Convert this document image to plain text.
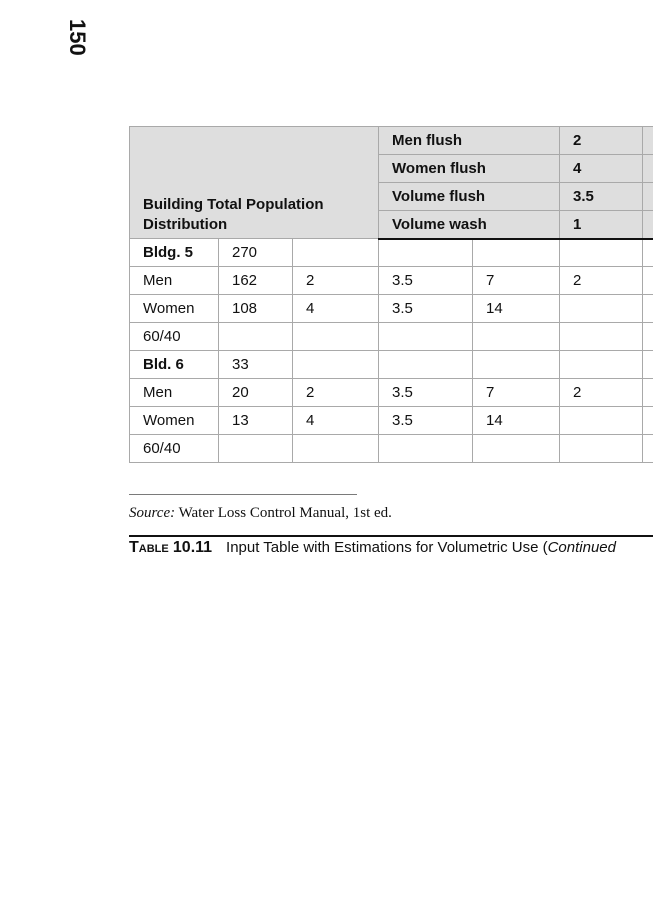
150
Building Total Population Distribution			Men flush		2	
			Women flush		4	
			Volume flush		3.5	
			Volume wash		1	
Bldg. 5	270					
Men	162	2	3.5	7	2	
Women	108	4	3.5	14		
60/40						
Bld. 6	33					
Men	20	2	3.5	7	2	
Women	13	4	3.5	14		
60/40						
Source: Water Loss Control Manual, 1st ed.
Table 10.11 Input Table with Estimations for Volumetric Use (Continued
